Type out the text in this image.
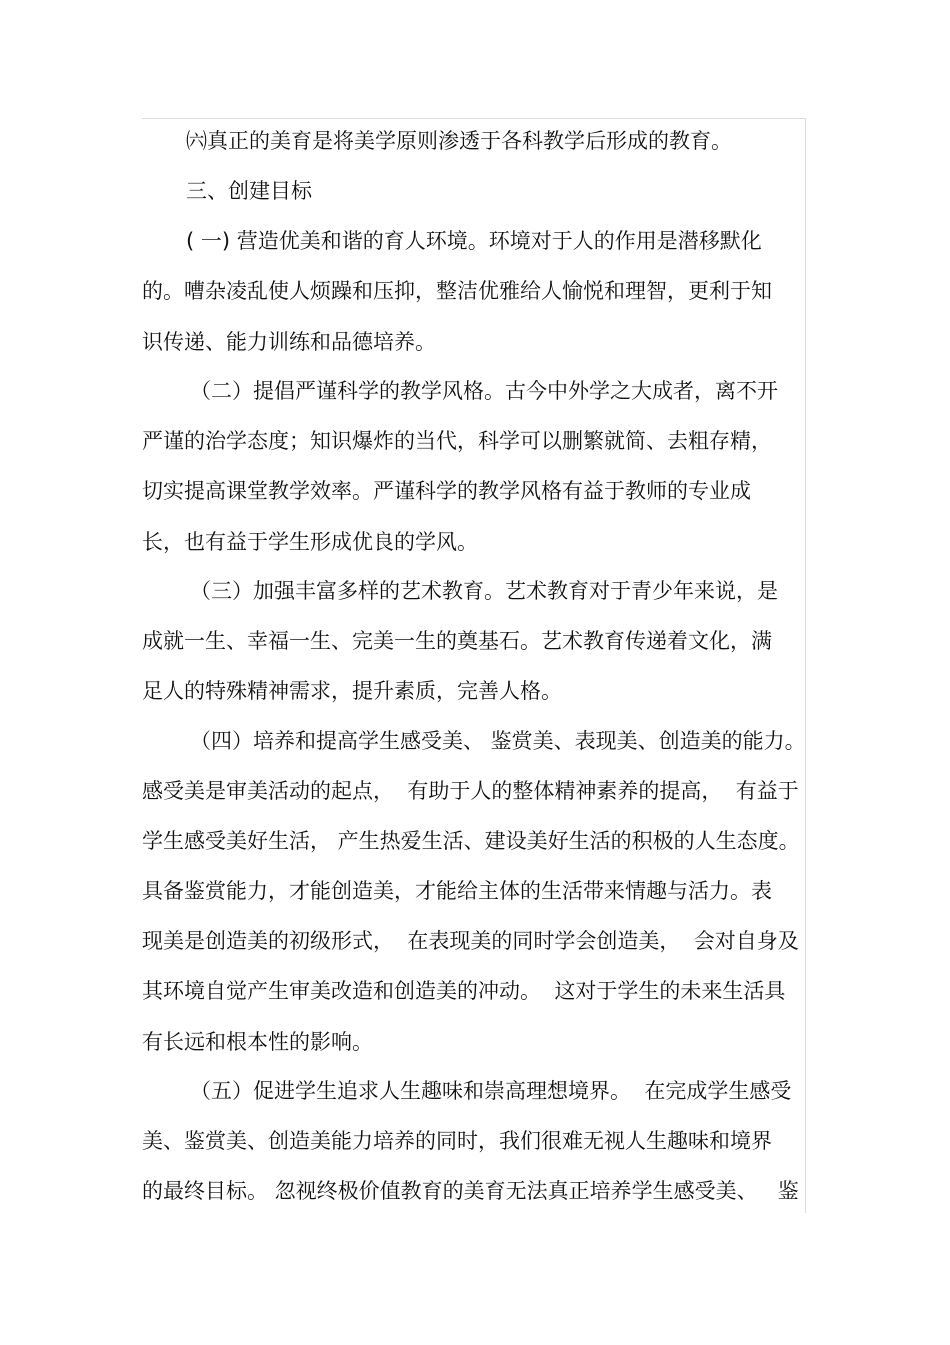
㈥真正的美育是将美学原则渗透于各科教学后形成的教育。
三、创建目标
( 一) 营造优美和谐的育人环境。环境对于人的作用是潜移默化
的。嘈杂凌乱使人烦躁和压抑，整洁优雅给人愉悦和理智，更利于知
识传递、能力训练和品德培养。
（二）提倡严谨科学的教学风格。古今中外学之大成者，离不开
严谨的治学态度；知识爆炸的当代，科学可以删繁就简、去粗存精，
切实提高课堂教学效率。严谨科学的教学风格有益于教师的专业成
长，也有益于学生形成优良的学风。
（三）加强丰富多样的艺术教育。艺术教育对于青少年来说，是
成就一生、幸福一生、完美一生的奠基石。艺术教育传递着文化，满
足人的特殊精神需求，提升素质，完善人格。
（四）培养和提高学生感受美、 鉴赏美、表现美、创造美的能力。
感受美是审美活动的起点，  有助于人的整体精神素养的提高，  有益于
学生感受美好生活， 产生热爱生活、建设美好生活的积极的人生态度。
具备鉴赏能力，才能创造美，才能给主体的生活带来情趣与活力。表
现美是创造美的初级形式，  在表现美的同时学会创造美，  会对自身及
其环境自觉产生审美改造和创造美的冲动。  这对于学生的未来生活具
有长远和根本性的影响。
（五）促进学生追求人生趣味和崇高理想境界。  在完成学生感受
美、鉴赏美、创造美能力培养的同时，我们很难无视人生趣味和境界
的最终目标。 忽视终极价值教育的美育无法真正培养学生感受美、   鉴
